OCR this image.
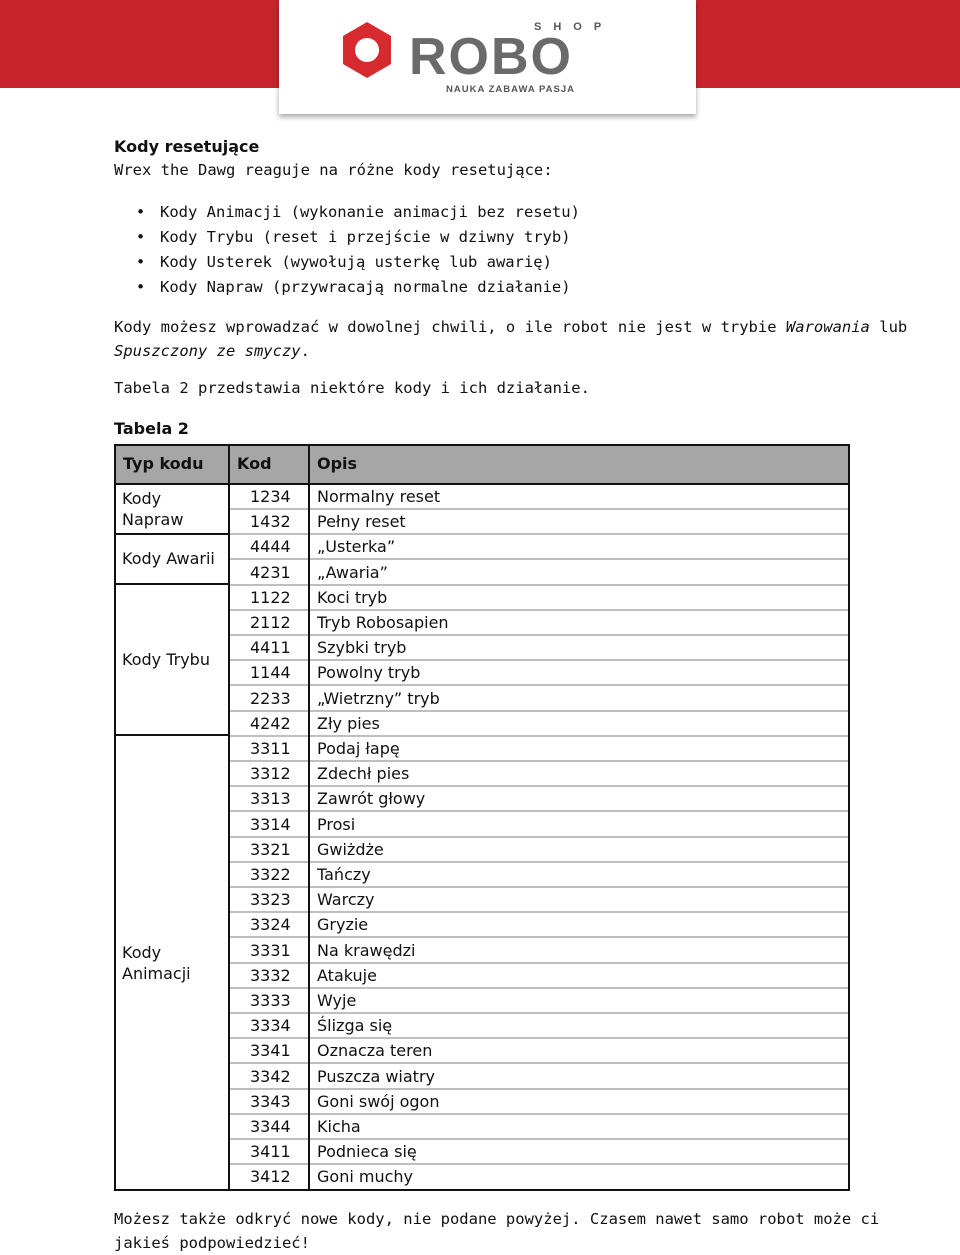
SHOP
ROBO
NAUKA ZABAWA PASJA
Kody resetujące
Wrex the Dawg reaguje na różne kody resetujące:
• Kody Animacji (wykonanie animacji bez resetu)
• Kody Trybu (reset i przejście w dziwny tryb)
• Kody Usterek (wywołują usterkę lub awarię)
• Kody Napraw (przywracają normalne działanie)
Kody możesz wprowadzać w dowolnej chwili, o ile robot nie jest w trybie Warowania lub
Spuszczony ze smyczy.
Tabela 2 przedstawia niektóre kody i ich działanie.
Tabela 2
Typ kodu Kod	Opis
1234 Normalny reset
1432 Pełny reset
4444 „Usterka”
4231 „Awaria”
1122 Koci tryb
2112 Tryb Robosapien
4411 Szybki tryb
1144 Powolny tryb
2233 „Wietrzny” tryb
4242 Zły pies
3311 Podaj łapę
3312 Zdechł pies
3313 Zawrót głowy
3314 Prosi
3321 Gwiżdże
3322 Tańczy
3323 Warczy
3324 Gryzie
3331 Na krawędzi
3332 Atakuje
3333 Wyje
3334 Ślizga się
3341 Oznacza teren
3342 Puszcza wiatry
3343 Goni swój ogon
3344 Kicha
3411 Podnieca się
3412 Goni muchy
Kody
Napraw
Kody Awarii
Kody Trybu
Kody
Animacji
Możesz także odkryć nowe kody, nie podane powyżej. Czasem nawet samo robot może ci
jakieś podpowiedzieć!
